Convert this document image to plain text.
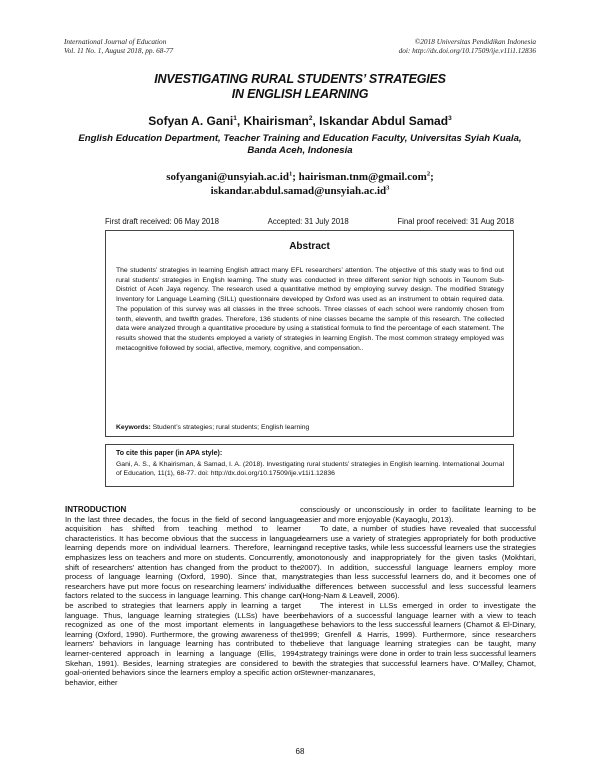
International Journal of Education
Vol. 11 No. 1, August 2018, pp. 68-77
©2018 Universitas Pendidikan Indonesia
doi: http://dx.doi.org/10.17509/ije.v11i1.12836
INVESTIGATING RURAL STUDENTS’ STRATEGIES
IN ENGLISH LEARNING
Sofyan A. Gani$^1$, Khairisman$^2$, Iskandar Abdul Samad$^3$
English Education Department, Teacher Training and Education Faculty, Universitas Syiah Kuala, Banda Aceh, Indonesia
$sofyangani@unsyiah.ac.id^1$; hairisman.tnm@gmail.com$^2$;
$iskandar.abdul.samad@unsyiah.ac.id^3$
First draft received: 06 May 2018	Accepted: 31 July 2018	Final proof received: 31 Aug 2018
Abstract

The students’ strategies in learning English attract many EFL researchers’ attention. The objective of this study was to find out rural students’ strategies in English learning. The study was conducted in three different senior high schools in Teunom Sub-District of Aceh Jaya regency. The research used a quantitative method by employing survey design. The modified Strategy Inventory for Language Learning (SILL) questionnaire developed by Oxford was used as an instrument to obtain required data. The population of this survey was all classes in the three schools. Three classes of each school were randomly chosen from tenth, eleventh, and twelfth grades. Therefore, 136 students of nine classes became the sample of this research. The collected data were analyzed through a quantitative procedure by using a statistical formula to find the percentage of each statement. The results showed that the students employed a variety of strategies in learning English. The most common strategy employed was metacognitive followed by social, affective, memory, cognitive, and compensation..

Keywords: Student’s strategies; rural students; English learning
To cite this paper (in APA style):

Gani, A. S., & Khairisman, & Samad, I. A. (2018). Investigating rural students’ strategies in English learning. International Journal of Education, 11(1), 68-77. doi: http://dx.doi.org/10.17509/ije.v11i1.12836

INTRODUCTION

In the last three decades, the focus in the field of second language acquisition has shifted from teaching method to learner characteristics. It has become obvious that the success in language learning depends more on individual learners. Therefore, learning emphasizes less on teachers and more on students. Concurrently, a shift of researchers’ attention has changed from the product to the process of language learning (Oxford, 1990). Since that, many researchers have put more focus on researching learners’ individual factors related to the success in language learning. This change can be ascribed to strategies that learners apply in learning a target language. Thus, language learning strategies (LLSs) have been recognized as one of the most important elements in language learning (Oxford, 1990). Furthermore, the growing awareness of the learners’ behaviors in language learning has contributed to the learner-centered approach in learning a language (Ellis, 1994; Skehan, 1991). Besides, learning strategies are considered to be goal-oriented behaviors since the learners employ a specific action or behavior, either

consciously or unconsciously in order to facilitate learning to be easier and more enjoyable (Kayaoglu, 2013).

To date, a number of studies have revealed that successful learners use a variety of strategies appropriately for both productive and receptive tasks, while less successful learners use the strategies monotonously and inappropriately for the given tasks (Mokhtari, 2007). In addition, successful language learners employ more strategies than less successful learners do, and it becomes one of the differences between successful and less successful learners (Hong-Nam & Leavell, 2006).

The interest in LLSs emerged in order to investigate the behaviors of a successful language learner with a view to teach these behaviors to the less successful learners (Chamot & El-Dinary, 1999; Grenfell & Harris, 1999). Furthermore, since researchers believe that language learning strategies can be taught, many strategy trainings were done in order to train less successful learners with the strategies that successful learners have. O’Malley, Chamot, Stewner-manzanares,

68
